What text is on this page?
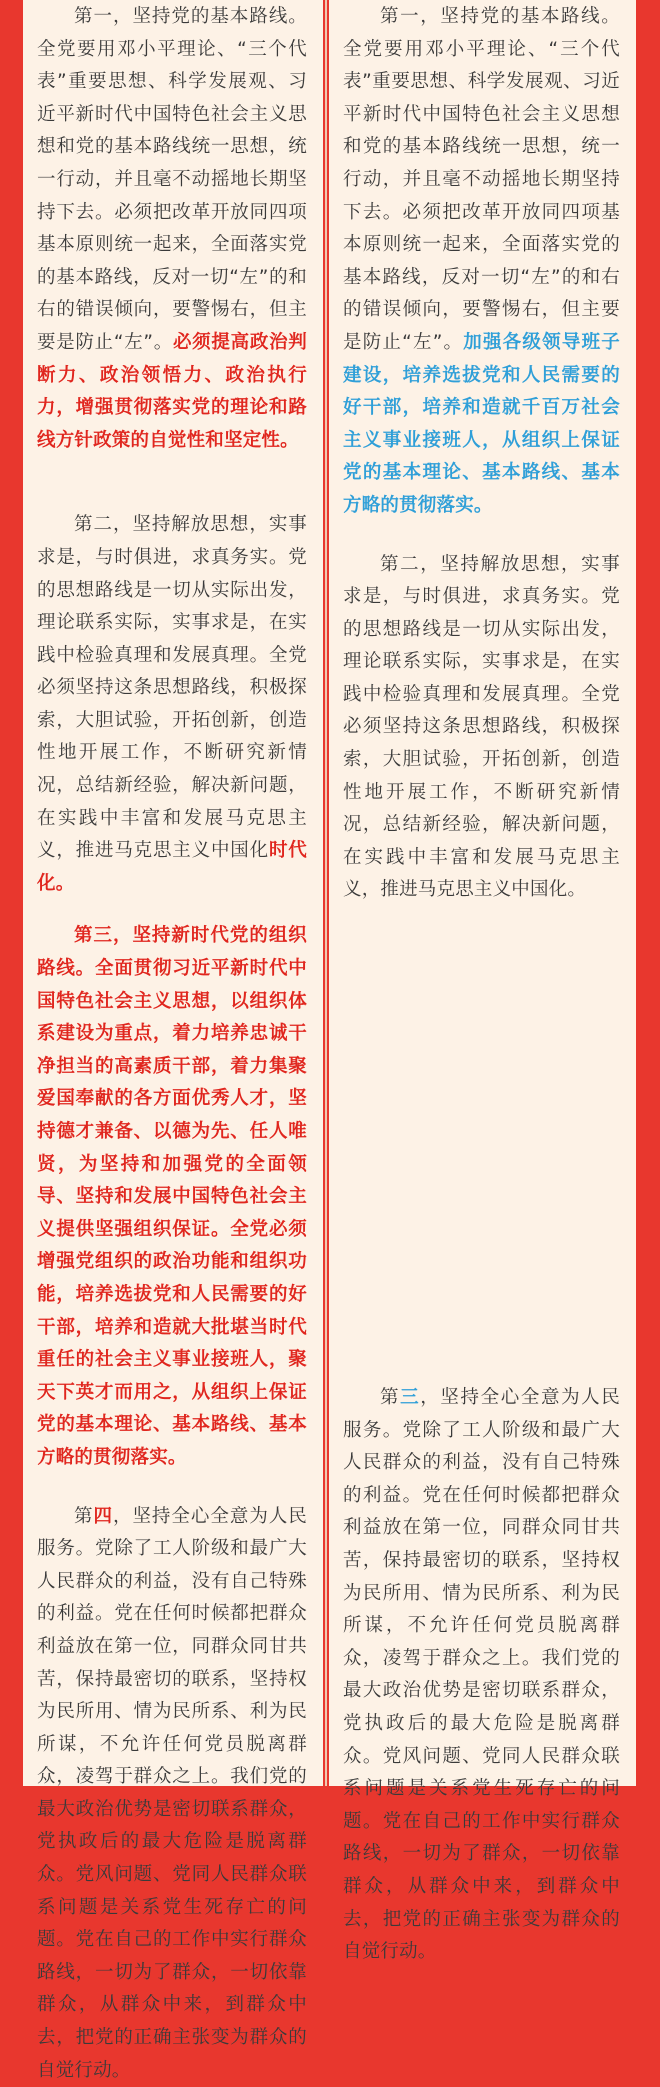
第一，坚持党的基本路线。全党要用邓小平理论、“三个代表”重要思想、科学发展观、习近平新时代中国特色社会主义思想和党的基本路线统一思想，统一行动，并且毫不动摇地长期坚持下去。必须把改革开放同四项基本原则统一起来，全面落实党的基本路线，反对一切“左”的和右的错误倾向，要警惕右，但主要是防止“左”。必须提高政治判断力、政治领悟力、政治执行力，增强贯彻落实党的理论和路线方针政策的自觉性和坚定性。

第二，坚持解放思想，实事求是，与时俱进，求真务实。党的思想路线是一切从实际出发，理论联系实际，实事求是，在实践中检验真理和发展真理。全党必须坚持这条思想路线，积极探索，大胆试验，开拓创新，创造性地开展工作，不断研究新情况，总结新经验，解决新问题，在实践中丰富和发展马克思主义，推进马克思主义中国化时代化。

第三，坚持新时代党的组织路线。全面贯彻习近平新时代中国特色社会主义思想，以组织体系建设为重点，着力培养忠诚干净担当的高素质干部，着力集聚爱国奉献的各方面优秀人才，坚持德才兼备、以德为先、任人唯贤，为坚持和加强党的全面领导、坚持和发展中国特色社会主义提供坚强组织保证。全党必须增强党组织的政治功能和组织功能，培养选拔党和人民需要的好干部，培养和造就大批堪当时代重任的社会主义事业接班人，聚天下英才而用之，从组织上保证党的基本理论、基本路线、基本方略的贯彻落实。

第四，坚持全心全意为人民服务。党除了工人阶级和最广大人民群众的利益，没有自己特殊的利益。党在任何时候都把群众利益放在第一位，同群众同甘共苦，保持最密切的联系，坚持权为民所用、情为民所系、利为民所谋，不允许任何党员脱离群众，凌驾于群众之上。我们党的最大政治优势是密切联系群众，党执政后的最大危险是脱离群众。党风问题、党同人民群众联系问题是关系党生死存亡的问题。党在自己的工作中实行群众路线，一切为了群众，一切依靠群众，从群众中来，到群众中去，把党的正确主张变为群众的自觉行动。

第一，坚持党的基本路线。全党要用邓小平理论、“三个代表”重要思想、科学发展观、习近平新时代中国特色社会主义思想和党的基本路线统一思想，统一行动，并且毫不动摇地长期坚持下去。必须把改革开放同四项基本原则统一起来，全面落实党的基本路线，反对一切“左”的和右的错误倾向，要警惕右，但主要是防止“左”。加强各级领导班子建设，培养选拔党和人民需要的好干部，培养和造就千百万社会主义事业接班人，从组织上保证党的基本理论、基本路线、基本方略的贯彻落实。

第二，坚持解放思想，实事求是，与时俱进，求真务实。党的思想路线是一切从实际出发，理论联系实际，实事求是，在实践中检验真理和发展真理。全党必须坚持这条思想路线，积极探索，大胆试验，开拓创新，创造性地开展工作，不断研究新情况，总结新经验，解决新问题，在实践中丰富和发展马克思主义，推进马克思主义中国化。

第三，坚持全心全意为人民服务。党除了工人阶级和最广大人民群众的利益，没有自己特殊的利益。党在任何时候都把群众利益放在第一位，同群众同甘共苦，保持最密切的联系，坚持权为民所用、情为民所系、利为民所谋，不允许任何党员脱离群众，凌驾于群众之上。我们党的最大政治优势是密切联系群众，党执政后的最大危险是脱离群众。党风问题、党同人民群众联系问题是关系党生死存亡的问题。党在自己的工作中实行群众路线，一切为了群众，一切依靠群众，从群众中来，到群众中去，把党的正确主张变为群众的自觉行动。
